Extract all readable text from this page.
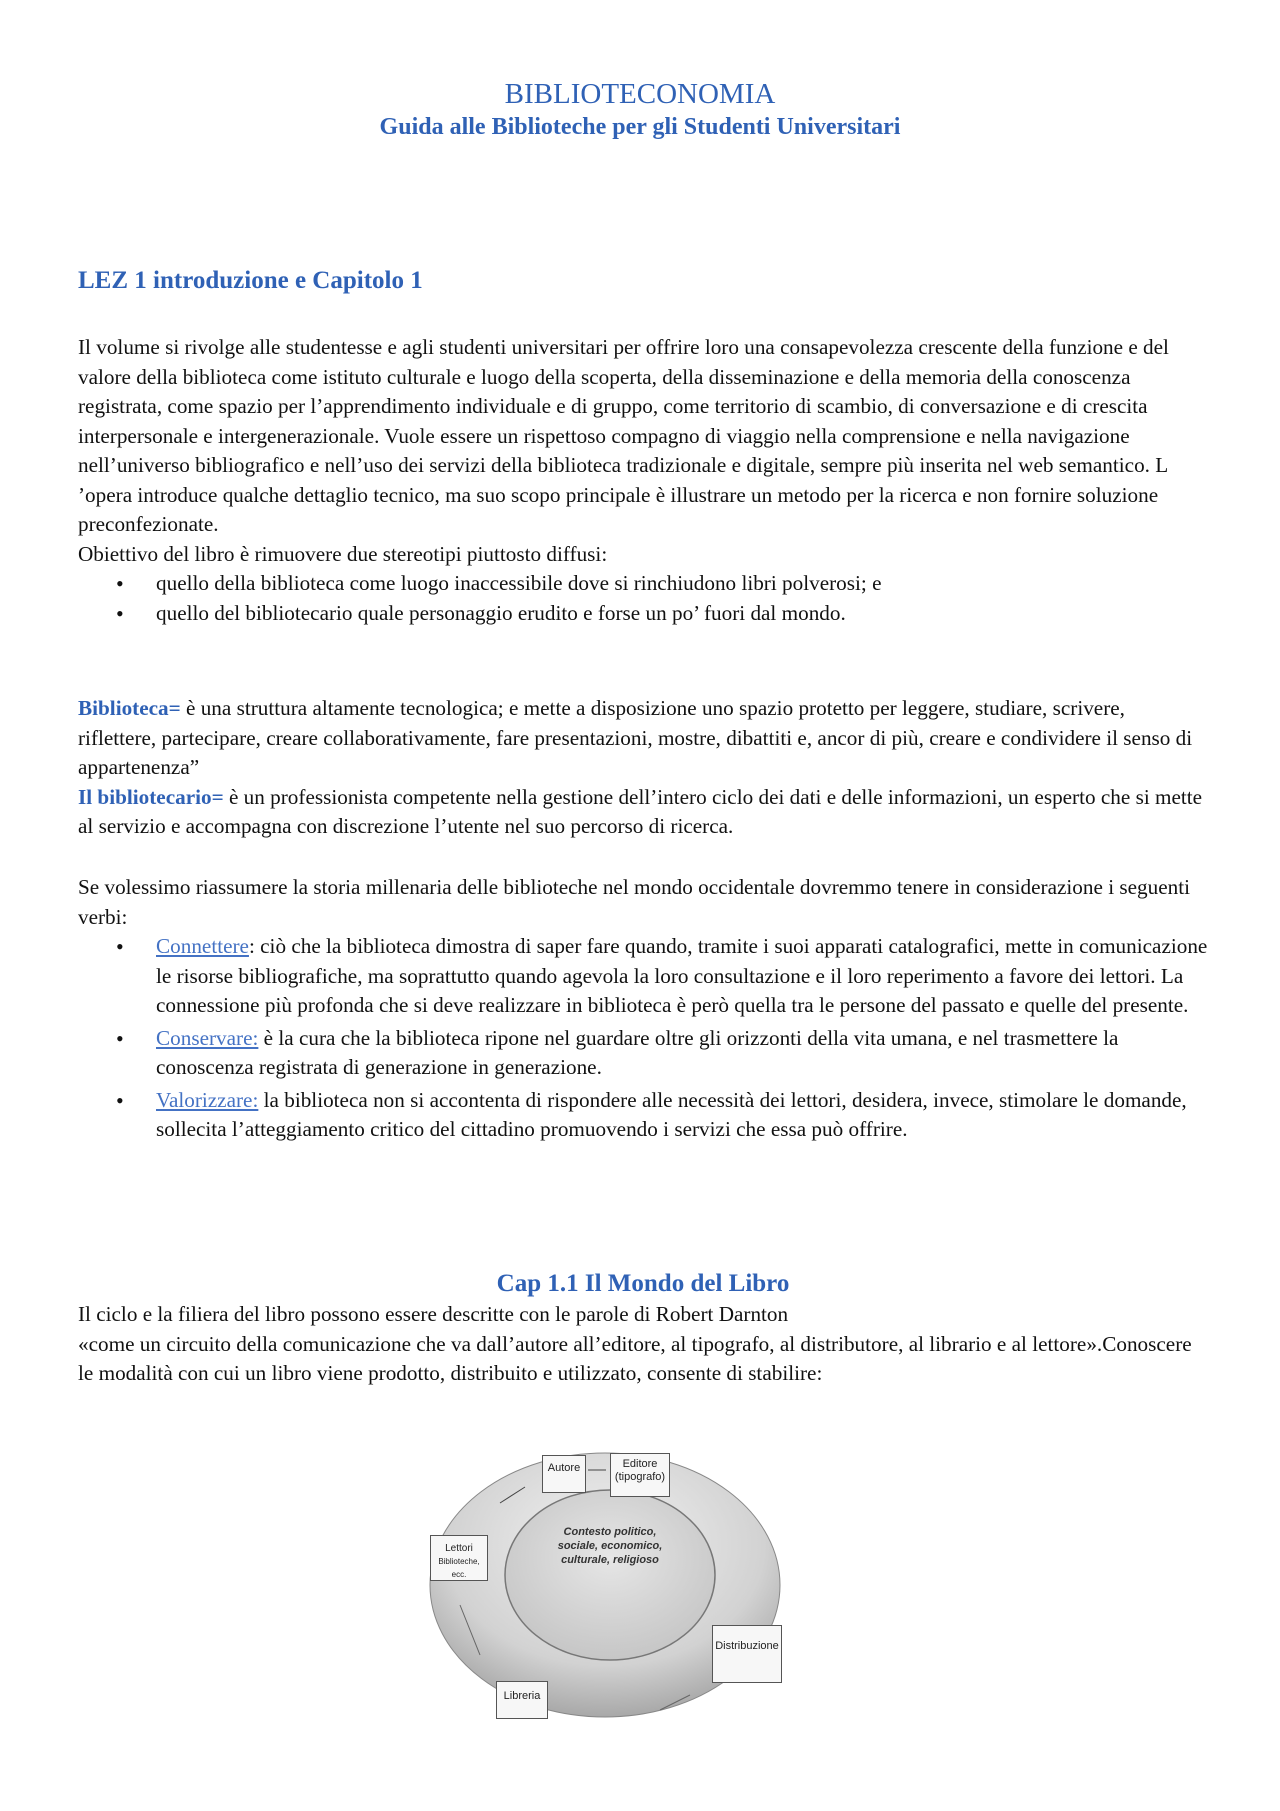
BIBLIOTECONOMIA
Guida alle Biblioteche per gli Studenti Universitari
LEZ 1 introduzione e Capitolo 1

Il volume si rivolge alle studentesse e agli studenti universitari per offrire loro una consapevolezza crescente della funzione e del valore della biblioteca come istituto culturale e luogo della scoperta, della disseminazione e della memoria della conoscenza registrata, come spazio per l’apprendimento individuale e di gruppo, come territorio di scambio, di conversazione e di crescita interpersonale e intergenerazionale. Vuole essere un rispettoso compagno di viaggio nella comprensione e nella navigazione nell’universo bibliografico e nell’uso dei servizi della biblioteca tradizionale e digitale, sempre più inserita nel web semantico. L ’opera introduce qualche dettaglio tecnico, ma suo scopo principale è illustrare un metodo per la ricerca e non fornire soluzione preconfezionate.

Obiettivo del libro è rimuovere due stereotipi piuttosto diffusi:

• quello della biblioteca come luogo inaccessibile dove si rinchiudono libri polverosi; e
• quello del bibliotecario quale personaggio erudito e forse un po’ fuori dal mondo.

Biblioteca= è una struttura altamente tecnologica; e mette a disposizione uno spazio protetto per leggere, studiare, scrivere, riflettere, partecipare, creare collaborativamente, fare presentazioni, mostre, dibattiti e, ancor di più, creare e condividere il senso di appartenenza”

Il bibliotecario= è un professionista competente nella gestione dell’intero ciclo dei dati e delle informazioni, un esperto che si mette al servizio e accompagna con discrezione l’utente nel suo percorso di ricerca.

Se volessimo riassumere la storia millenaria delle biblioteche nel mondo occidentale dovremmo tenere in considerazione i seguenti verbi:

• Connettere: ciò che la biblioteca dimostra di saper fare quando, tramite i suoi apparati catalografici, mette in comunicazione le risorse bibliografiche, ma soprattutto quando agevola la loro consultazione e il loro reperimento a favore dei lettori. La connessione più profonda che si deve realizzare in biblioteca è però quella tra le persone del passato e quelle del presente.
• Conservare: è la cura che la biblioteca ripone nel guardare oltre gli orizzonti della vita umana, e nel trasmettere la conoscenza registrata di generazione in generazione.
• Valorizzare: la biblioteca non si accontenta di rispondere alle necessità dei lettori, desidera, invece, stimolare le domande, sollecita l’atteggiamento critico del cittadino promuovendo i servizi che essa può offrire.
Cap 1.1 Il Mondo del Libro

Il ciclo e la filiera del libro possono essere descritte con le parole di Robert Darnton

«come un circuito della comunicazione che va dall’autore all’editore, al tipografo, al distributore, al librario e al lettore».Conoscere le modalità con cui un libro viene prodotto, distribuito e utilizzato, consente di stabilire:

Autore	Editore
(tipografo)
Lettori
Biblioteche, ecc.
Distribuzione
Libreria
Contesto politico,
sociale, economico,
culturale, religioso
